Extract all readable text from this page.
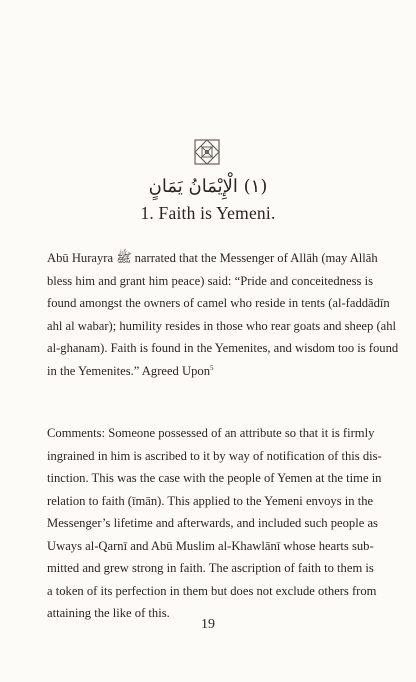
(١) الْإِيْمَانُ يَمَانٍ
1. Faith is Yemeni.
Abū Hurayra ﷺ narrated that the Messenger of Allāh (may Allāh
bless him and grant him peace) said: “Pride and conceitedness is
found amongst the owners of camel who reside in tents (al-faddādīn
ahl al wabar); humility resides in those who rear goats and sheep (ahl
al-ghanam). Faith is found in the Yemenites, and wisdom too is found
in the Yemenites.” Agreed Upon$^5$
Comments: Someone possessed of an attribute so that it is firmly
ingrained in him is ascribed to it by way of notification of this dis-
tinction. This was the case with the people of Yemen at the time in
relation to faith (īmān). This applied to the Yemeni envoys in the
Messenger’s lifetime and afterwards, and included such people as
Uways al-Qarnī and Abū Muslim al-Khawlānī whose hearts sub-
mitted and grew strong in faith. The ascription of faith to them is
a token of its perfection in them but does not exclude others from
attaining the like of this.
19
